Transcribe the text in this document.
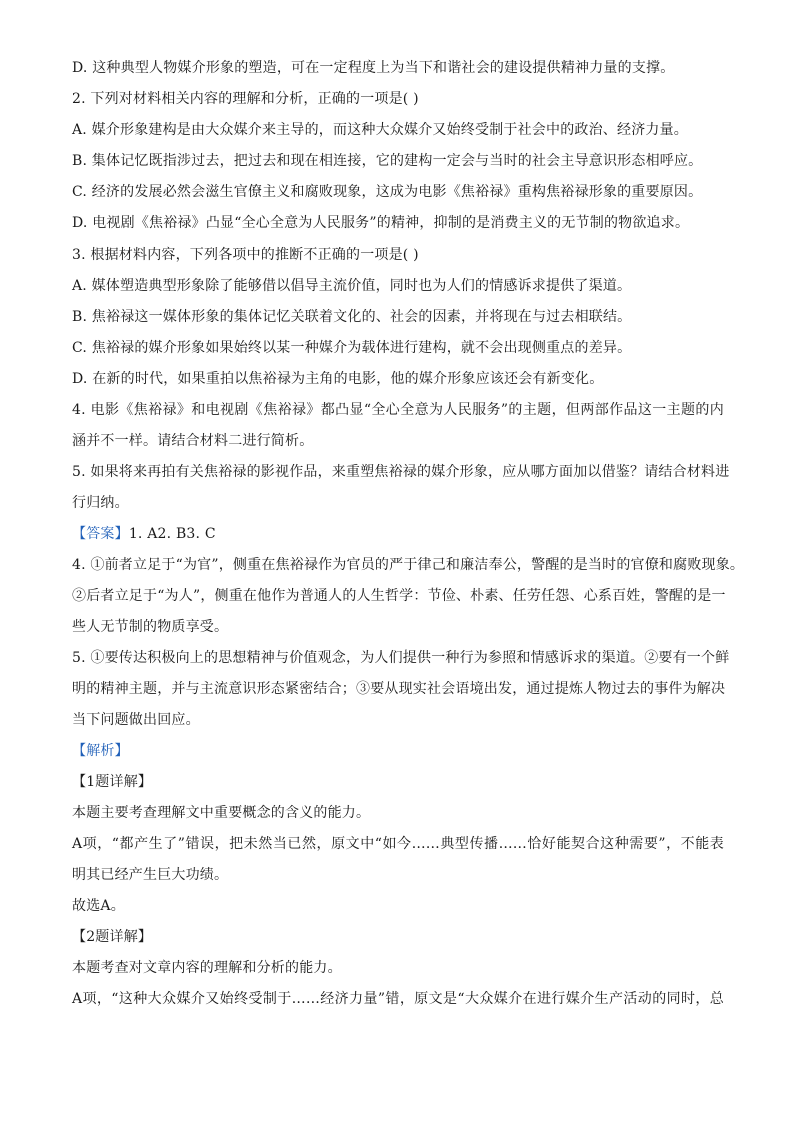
D. 这种典型人物媒介形象的塑造，可在一定程度上为当下和谐社会的建设提供精神力量的支撑。
2. 下列对材料相关内容的理解和分析，正确的一项是( )
A. 媒介形象建构是由大众媒介来主导的，而这种大众媒介又始终受制于社会中的政治、经济力量。
B. 集体记忆既指涉过去，把过去和现在相连接，它的建构一定会与当时的社会主导意识形态相呼应。
C. 经济的发展必然会滋生官僚主义和腐败现象，这成为电影《焦裕禄》重构焦裕禄形象的重要原因。
D. 电视剧《焦裕禄》凸显“全心全意为人民服务”的精神，抑制的是消费主义的无节制的物欲追求。
3. 根据材料内容，下列各项中的推断不正确的一项是( )
A. 媒体塑造典型形象除了能够借以倡导主流价值，同时也为人们的情感诉求提供了渠道。
B. 焦裕禄这一媒体形象的集体记忆关联着文化的、社会的因素，并将现在与过去相联结。
C. 焦裕禄的媒介形象如果始终以某一种媒介为载体进行建构，就不会出现侧重点的差异。
D. 在新的时代，如果重拍以焦裕禄为主角的电影，他的媒介形象应该还会有新变化。
4. 电影《焦裕禄》和电视剧《焦裕禄》都凸显“全心全意为人民服务”的主题，但两部作品这一主题的内
涵并不一样。请结合材料二进行简析。
5. 如果将来再拍有关焦裕禄的影视作品，来重塑焦裕禄的媒介形象，应从哪方面加以借鉴？请结合材料进
行归纳。
【答案】1. A2. B3. C
4. ①前者立足于“为官”，侧重在焦裕禄作为官员的严于律己和廉洁奉公，警醒的是当时的官僚和腐败现象。
②后者立足于“为人”，侧重在他作为普通人的人生哲学：节俭、朴素、任劳任怨、心系百姓，警醒的是一
些人无节制的物质享受。
5. ①要传达积极向上的思想精神与价值观念，为人们提供一种行为参照和情感诉求的渠道。②要有一个鲜
明的精神主题，并与主流意识形态紧密结合；③要从现实社会语境出发，通过提炼人物过去的事件为解决
当下问题做出回应。
【解析】
【1题详解】
本题主要考查理解文中重要概念的含义的能力。
A项，“都产生了”错误，把未然当已然，原文中“如今……典型传播……恰好能契合这种需要”，不能表
明其已经产生巨大功绩。
故选A。
【2题详解】
本题考查对文章内容的理解和分析的能力。
A项，“这种大众媒介又始终受制于……经济力量”错，原文是“大众媒介在进行媒介生产活动的同时，总
